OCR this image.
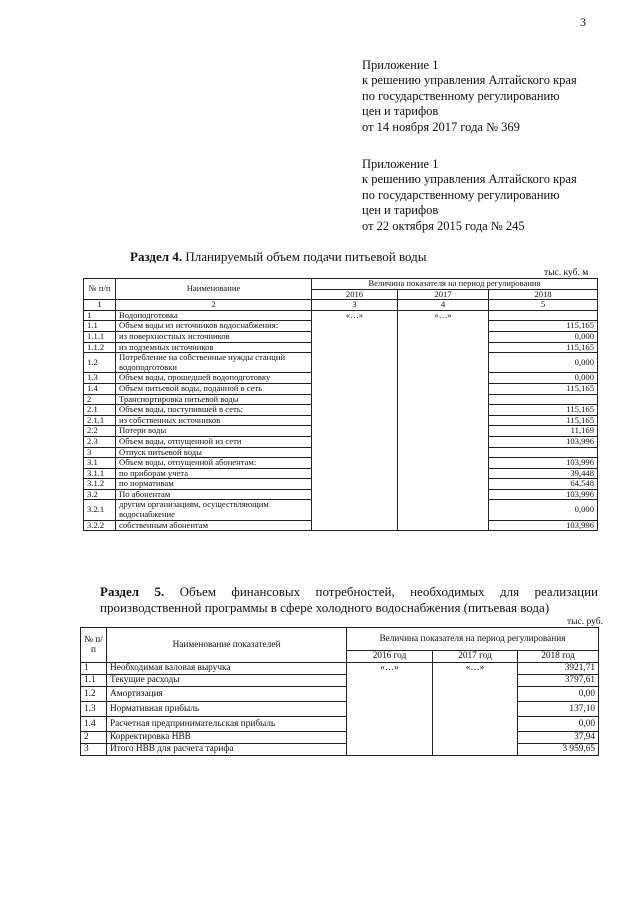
3
Приложение 1
к решению управления Алтайского края
по государственному регулированию
цен и тарифов
от 14 ноября 2017 года № 369
Приложение 1
к решению управления Алтайского края
по государственному регулированию
цен и тарифов
от 22 октября 2015 года № 245
Раздел 4. Планируемый объем подачи питьевой воды
тыс. куб. м
№ п/п	Наименование	Величина показателя на период регулирования		
		2016	2017	2018
1	2	3	4	5
1	Водоподготовка	«…»	«…»	
1.1	Объем воды из источников водоснабжения:			115,165
1.1.1	из поверхностных источников			0,000
1.1.2	из подземных источников			115,165
1.2	Потребление на собственные нужды станций водоподготовки			0,000
1.3	Объем воды, прошедшей водоподготовку			0,000
1.4	Объем питьевой воды, поданной в сеть			115,165
2	Транспортировка питьевой воды			
2.1	Объем воды, поступившей в сеть:			115,165
2.1.1	из собственных источников			115,165
2.2	Потери воды			11,169
2.3	Объем воды, отпущенной из сети			103,996
3	Отпуск питьевой воды			
3.1	Объем воды, отпущенной абонентам:			103,996
3.1.1	по приборам учета			39,448
3.1.2	по нормативам			64,548
3.2	По абонентам			103,996
3.2.1	другим организациям, осуществляющим водоснабжение			0,000
3.2.2	собственным абонентам			103,996
Раздел 5. Объем финансовых потребностей, необходимых для реализации производственной программы в сфере холодного водоснабжения (питьевая вода)
тыс. руб.
№ п/ п	Наименование показателей	Величина показателя на период регулирования		
		2016 год	2017 год	2018 год
1	Необходимая валовая выручка	«…»	«…»	3921,71
1.1	Текущие расходы			3797,61
1.2	Амортизация			0,00
1.3	Нормативная прибыль			137,10
1.4	Расчетная предпринимательская прибыль			0,00
2	Корректировка НВВ			37,94
3	Итого НВВ для расчета тарифа			3 959,65
